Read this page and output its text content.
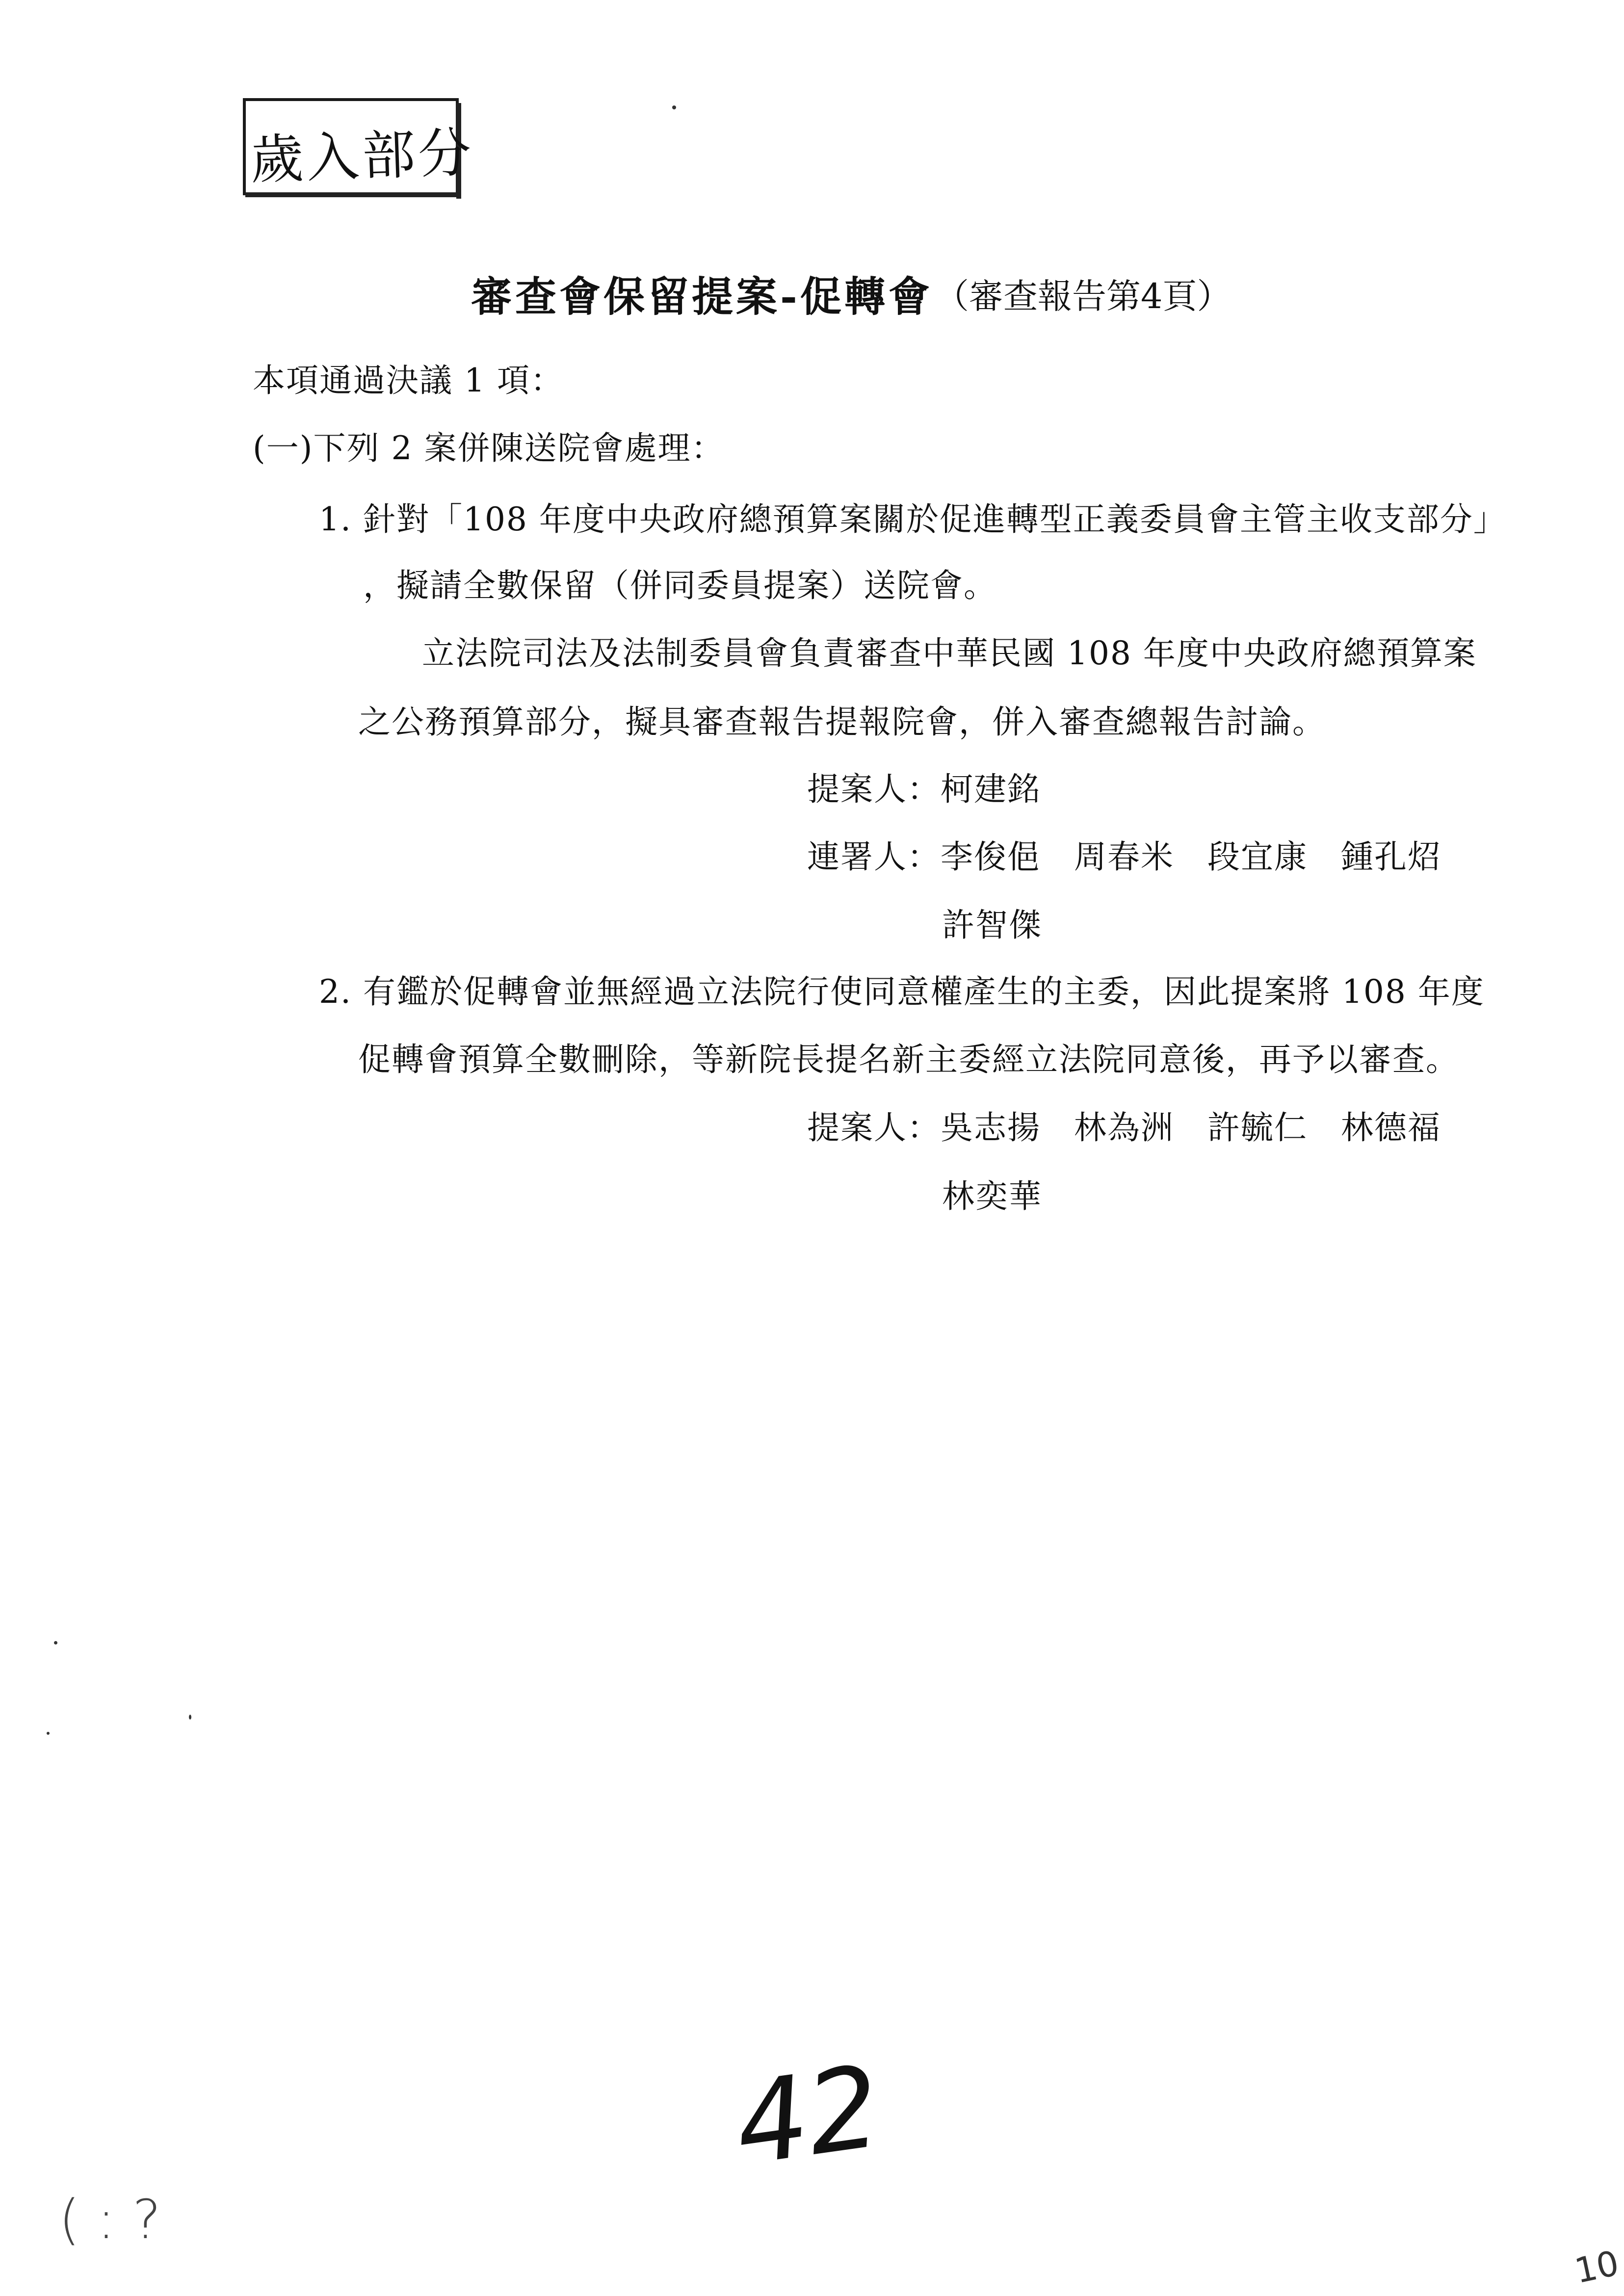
歲入部分
審查會保留提案-促轉會 （審查報告第4頁）
本項通過決議 1 項：
(一)下列 2 案併陳送院會處理：
1. 針對「108 年度中央政府總預算案關於促進轉型正義委員會主管主收支部分」
，擬請全數保留（併同委員提案）送院會。
立法院司法及法制委員會負責審查中華民國 108 年度中央政府總預算案
之公務預算部分，擬具審查報告提報院會，併入審查總報告討論。
提案人：柯建銘
連署人：李俊俋　周春米　段宜康　鍾孔炤
許智傑
2. 有鑑於促轉會並無經過立法院行使同意權產生的主委，因此提案將 108 年度
促轉會預算全數刪除，等新院長提名新主委經立法院同意後，再予以審查。
提案人：吳志揚　林為洲　許毓仁　林德福
林奕華
42
( : ?
10
